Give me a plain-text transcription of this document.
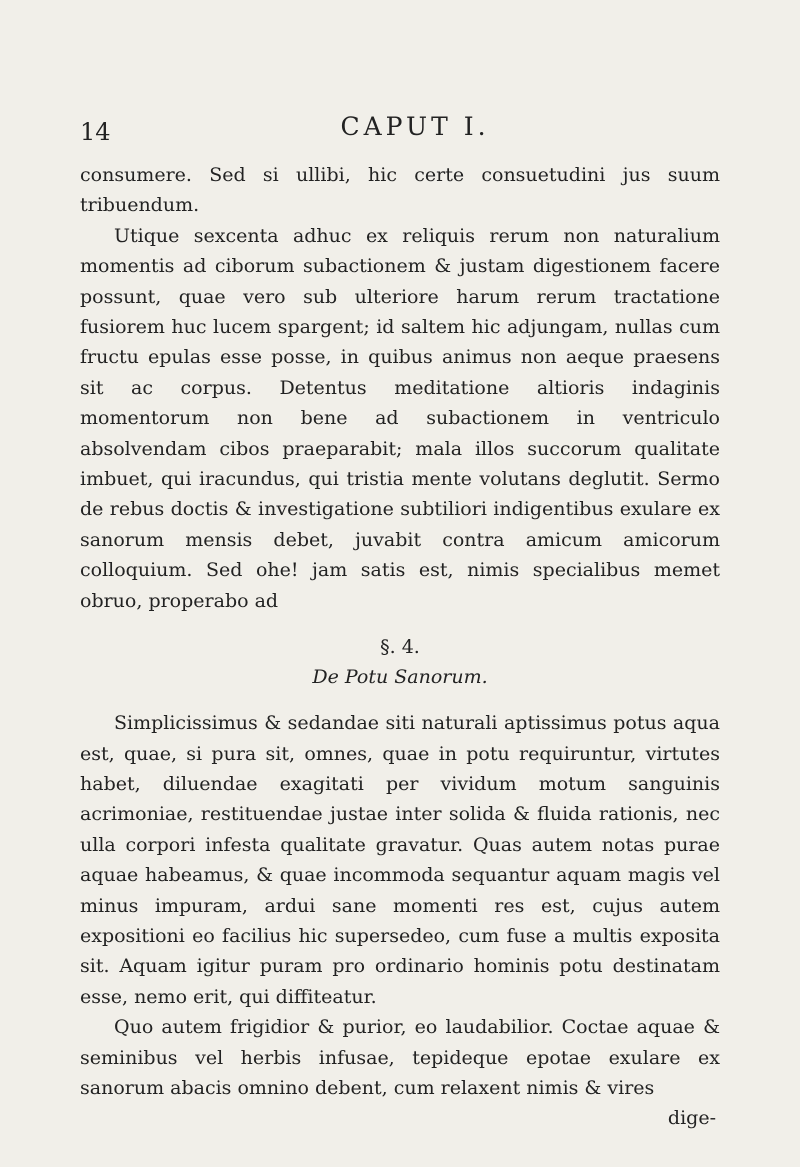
14	CAPUT I.

consumere. Sed si ullibi, hic certe consuetudini jus suum tribuendum.

Utique sexcenta adhuc ex reliquis rerum non naturalium momentis ad ciborum subactionem & justam digestionem facere possunt, quae vero sub ulteriore harum rerum tractatione fusiorem huc lucem spargent; id saltem hic adjungam, nullas cum fructu epulas esse posse, in quibus animus non aeque praesens sit ac corpus. Detentus meditatione altioris indaginis momentorum non bene ad subactionem in ventriculo absolvendam cibos praeparabit; mala illos succorum qualitate imbuet, qui iracundus, qui tristia mente volutans deglutit. Sermo de rebus doctis & investigatione subtiliori indigentibus exulare ex sanorum mensis debet, juvabit contra amicum amicorum colloquium. Sed ohe! jam satis est, nimis specialibus memet obruo, properabo ad

§. 4.
De Potu Sanorum.

Simplicissimus & sedandae siti naturali aptissimus potus aqua est, quae, si pura sit, omnes, quae in potu requiruntur, virtutes habet, diluendae exagitati per vividum motum sanguinis acrimoniae, restituendae justae inter solida & fluida rationis, nec ulla corpori infesta qualitate gravatur. Quas autem notas purae aquae habeamus, & quae incommoda sequantur aquam magis vel minus impuram, ardui sane momenti res est, cujus autem expositioni eo facilius hic supersedeo, cum fuse a multis exposita sit. Aquam igitur puram pro ordinario hominis potu destinatam esse, nemo erit, qui diffiteatur.

Quo autem frigidior & purior, eo laudabilior. Coctae aquae & seminibus vel herbis infusae, tepideque epotae exulare ex sanorum abacis omnino debent, cum relaxent nimis & vires

dige-
